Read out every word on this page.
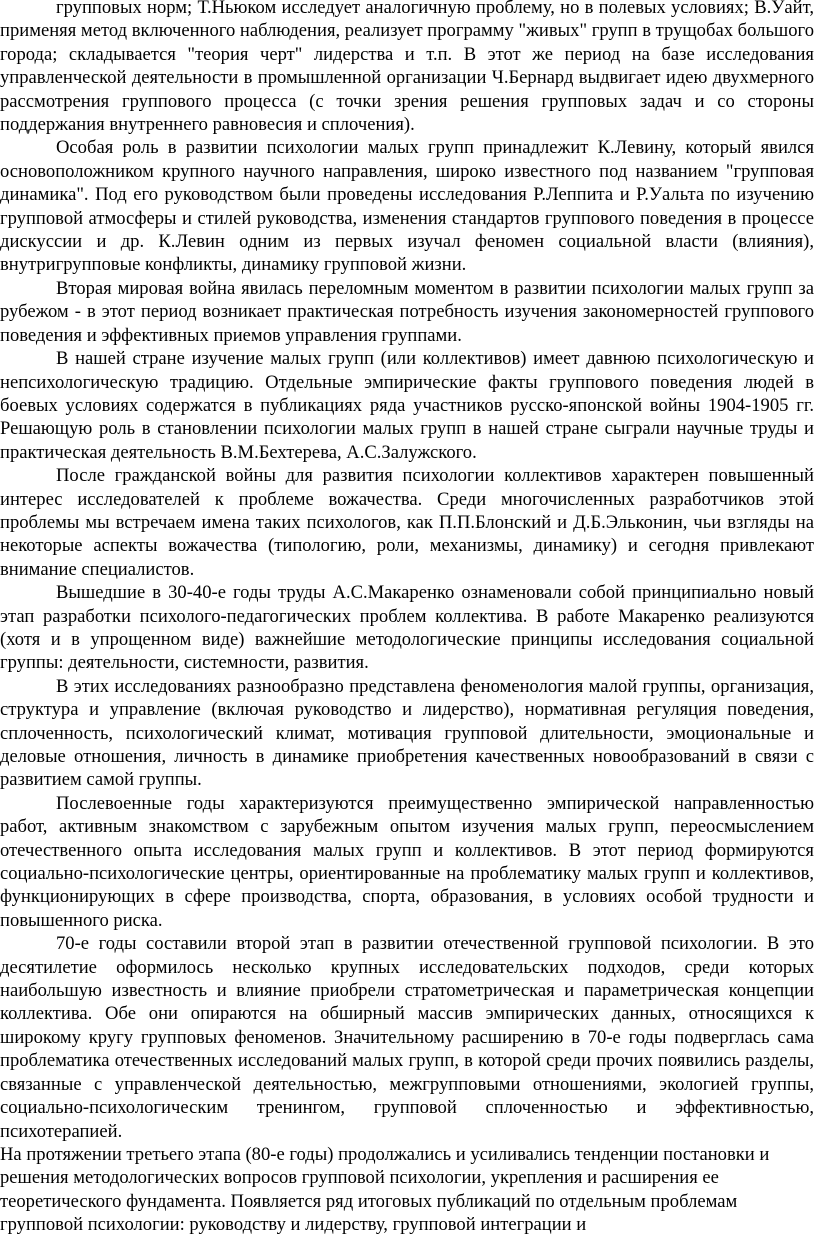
групповых норм; Т.Ньюком исследует аналогичную проблему, но в полевых условиях; В.Уайт, применяя метод включенного наблюдения, реализует программу "живых" групп в трущобах большого города; складывается "теория черт" лидерства и т.п. В этот же период на базе исследования управленческой деятельности в промышленной организации Ч.Бернард выдвигает идею двухмерного рассмотрения группового процесса (с точки зрения решения групповых задач и со стороны поддержания внутреннего равновесия и сплочения).

Особая роль в развитии психологии малых групп принадлежит К.Левину, который явился основоположником крупного научного направления, широко известного под названием "групповая динамика". Под его руководством были проведены исследования Р.Леппита и Р.Уальта по изучению групповой атмосферы и стилей руководства, изменения стандартов группового поведения в процессе дискуссии и др. К.Левин одним из первых изучал феномен социальной власти (влияния), внутригрупповые конфликты, динамику групповой жизни.

Вторая мировая война явилась переломным моментом в развитии психологии малых групп за рубежом - в этот период возникает практическая потребность изучения закономерностей группового поведения и эффективных приемов управления группами.

В нашей стране изучение малых групп (или коллективов) имеет давнюю психологическую и непсихологическую традицию. Отдельные эмпирические факты группового поведения людей в боевых условиях содержатся в публикациях ряда участников русско-японской войны 1904-1905 гг. Решающую роль в становлении психологии малых групп в нашей стране сыграли научные труды и практическая деятельность В.М.Бехтерева, А.С.Залужского.

После гражданской войны для развития психологии коллективов характерен повышенный интерес исследователей к проблеме вожачества. Среди многочисленных разработчиков этой проблемы мы встречаем имена таких психологов, как П.П.Блонский и Д.Б.Эльконин, чьи взгляды на некоторые аспекты вожачества (типологию, роли, механизмы, динамику) и сегодня привлекают внимание специалистов.

Вышедшие в 30-40-е годы труды А.С.Макаренко ознаменовали собой принципиально новый этап разработки психолого-педагогических проблем коллектива. В работе Макаренко реализуются (хотя и в упрощенном виде) важнейшие методологические принципы исследования социальной группы: деятельности, системности, развития.

В этих исследованиях разнообразно представлена феноменология малой группы, организация, структура и управление (включая руководство и лидерство), нормативная регуляция поведения, сплоченность, психологический климат, мотивация групповой длительности, эмоциональные и деловые отношения, личность в динамике приобретения качественных новообразований в связи с развитием самой группы.

Послевоенные годы характеризуются преимущественно эмпирической направленностью работ, активным знакомством с зарубежным опытом изучения малых групп, переосмыслением отечественного опыта исследования малых групп и коллективов. В этот период формируются социально-психологические центры, ориентированные на проблематику малых групп и коллективов, функционирующих в сфере производства, спорта, образования, в условиях особой трудности и повышенного риска.

70-е годы составили второй этап в развитии отечественной групповой психологии. В это десятилетие оформилось несколько крупных исследовательских подходов, среди которых наибольшую известность и влияние приобрели стратометрическая и параметрическая концепции коллектива. Обе они опираются на обширный массив эмпирических данных, относящихся к широкому кругу групповых феноменов. Значительному расширению в 70-е годы подверглась сама проблематика отечественных исследований малых групп, в которой среди прочих появились разделы, связанные с управленческой деятельностью, межгрупповыми отношениями, экологией группы, социально-психологическим тренингом, групповой сплоченностью и эффективностью, психотерапией.

На протяжении третьего этапа (80-е годы) продолжались и усиливались тенденции постановки и решения методологических вопросов групповой психологии, укрепления и расширения ее теоретического фундамента. Появляется ряд итоговых публикаций по отдельным проблемам групповой психологии: руководству и лидерству, групповой интеграции и
